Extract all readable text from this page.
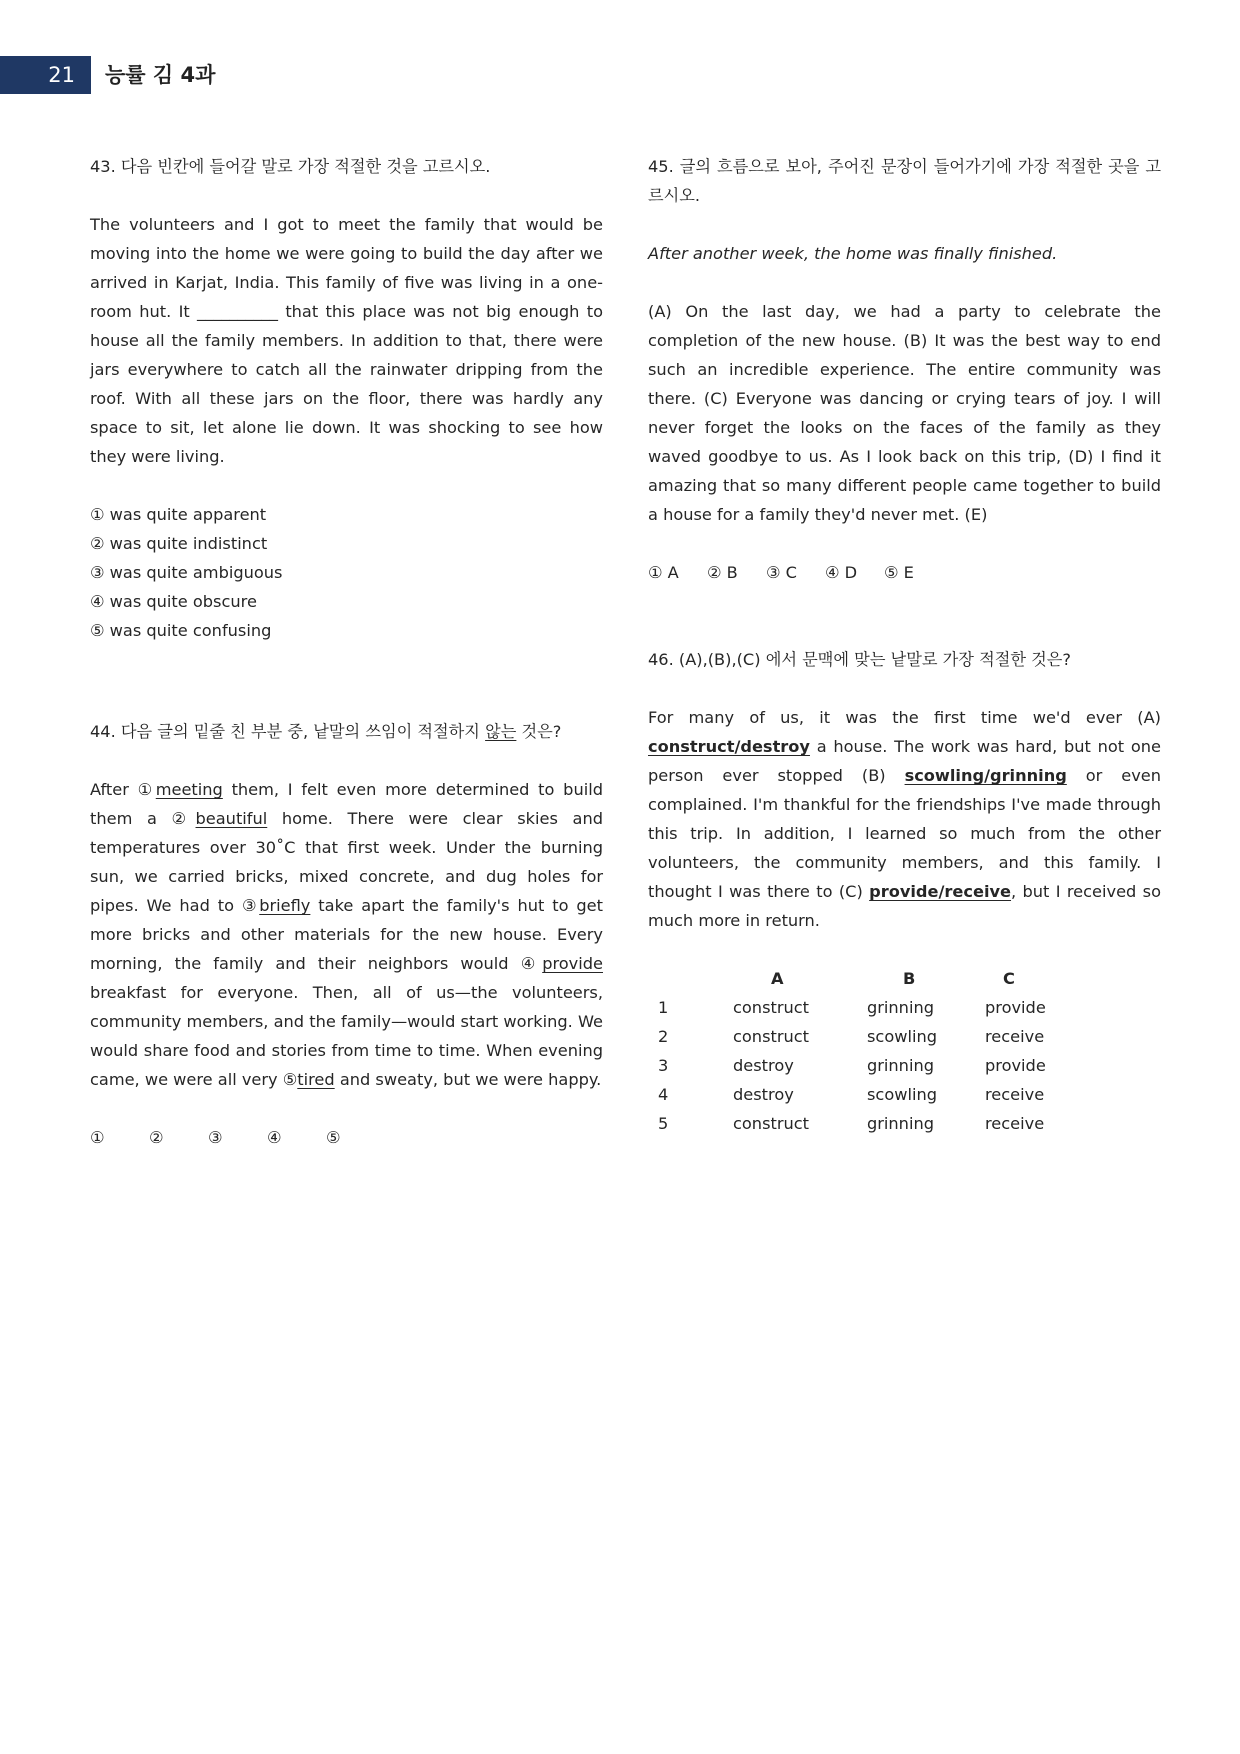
21	능률 김 4과
43. 다음 빈칸에 들어갈 말로 가장 적절한 것을 고르시오.
The volunteers and I got to meet the family that would be moving into the home we were going to build the day after we arrived in Karjat, India. This family of five was living in a one-room hut. It __________ that this place was not big enough to house all the family members. In addition to that, there were jars everywhere to catch all the rainwater dripping from the roof. With all these jars on the floor, there was hardly any space to sit, let alone lie down. It was shocking to see how they were living.
① was quite apparent
② was quite indistinct
③ was quite ambiguous
④ was quite obscure
⑤ was quite confusing
44. 다음 글의 밑줄 친 부분 중, 낱말의 쓰임이 적절하지 않는 것은?
After ①meeting them, I felt even more determined to build them a ②beautiful home. There were clear skies and temperatures over 30˚C that first week. Under the burning sun, we carried bricks, mixed concrete, and dug holes for pipes. We had to ③briefly take apart the family's hut to get more bricks and other materials for the new house. Every morning, the family and their neighbors would ④provide breakfast for everyone. Then, all of us—the volunteers, community members, and the family—would start working. We would share food and stories from time to time. When evening came, we were all very ⑤tired and sweaty, but we were happy.
①	②	③	④	⑤
45. 글의 흐름으로 보아, 주어진 문장이 들어가기에 가장 적절한 곳을 고르시오.
After another week, the home was finally finished.
(A) On the last day, we had a party to celebrate the completion of the new house. (B) It was the best way to end such an incredible experience. The entire community was there. (C) Everyone was dancing or crying tears of joy. I will never forget the looks on the faces of the family as they waved goodbye to us. As I look back on this trip, (D) I find it amazing that so many different people came together to build a house for a family they'd never met. (E)
① A	② B	③ C	④ D	⑤ E
46. (A),(B),(C) 에서 문맥에 맞는 낱말로 가장 적절한 것은?
For many of us, it was the first time we'd ever (A) construct/destroy a house. The work was hard, but not one person ever stopped (B) scowling/grinning or even complained. I'm thankful for the friendships I've made through this trip. In addition, I learned so much from the other volunteers, the community members, and this family. I thought I was there to (C) provide/receive, but I received so much more in return.
	A	B	C
1	construct	grinning	provide
2	construct	scowling	receive
3	destroy	grinning	provide
4	destroy	scowling	receive
5	construct	grinning	receive
